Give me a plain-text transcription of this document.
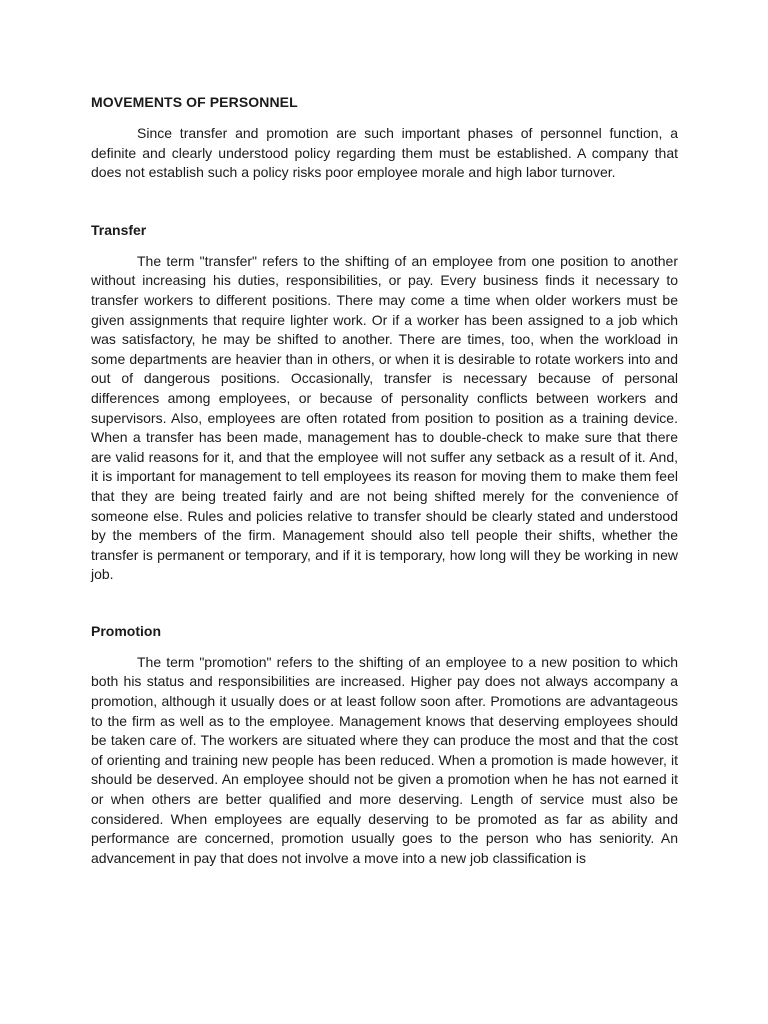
MOVEMENTS OF PERSONNEL

Since transfer and promotion are such important phases of personnel function, a definite and clearly understood policy regarding them must be established. A company that does not establish such a policy risks poor employee morale and high labor turnover.

Transfer

The term "transfer" refers to the shifting of an employee from one position to another without increasing his duties, responsibilities, or pay. Every business finds it necessary to transfer workers to different positions. There may come a time when older workers must be given assignments that require lighter work. Or if a worker has been assigned to a job which was satisfactory, he may be shifted to another. There are times, too, when the workload in some departments are heavier than in others, or when it is desirable to rotate workers into and out of dangerous positions. Occasionally, transfer is necessary because of personal differences among employees, or because of personality conflicts between workers and supervisors. Also, employees are often rotated from position to position as a training device. When a transfer has been made, management has to double-check to make sure that there are valid reasons for it, and that the employee will not suffer any setback as a result of it. And, it is important for management to tell employees its reason for moving them to make them feel that they are being treated fairly and are not being shifted merely for the convenience of someone else. Rules and policies relative to transfer should be clearly stated and understood by the members of the firm. Management should also tell people their shifts, whether the transfer is permanent or temporary, and if it is temporary, how long will they be working in new job.

Promotion

The term "promotion" refers to the shifting of an employee to a new position to which both his status and responsibilities are increased. Higher pay does not always accompany a promotion, although it usually does or at least follow soon after. Promotions are advantageous to the firm as well as to the employee. Management knows that deserving employees should be taken care of. The workers are situated where they can produce the most and that the cost of orienting and training new people has been reduced. When a promotion is made however, it should be deserved. An employee should not be given a promotion when he has not earned it or when others are better qualified and more deserving. Length of service must also be considered. When employees are equally deserving to be promoted as far as ability and performance are concerned, promotion usually goes to the person who has seniority. An advancement in pay that does not involve a move into a new job classification is
